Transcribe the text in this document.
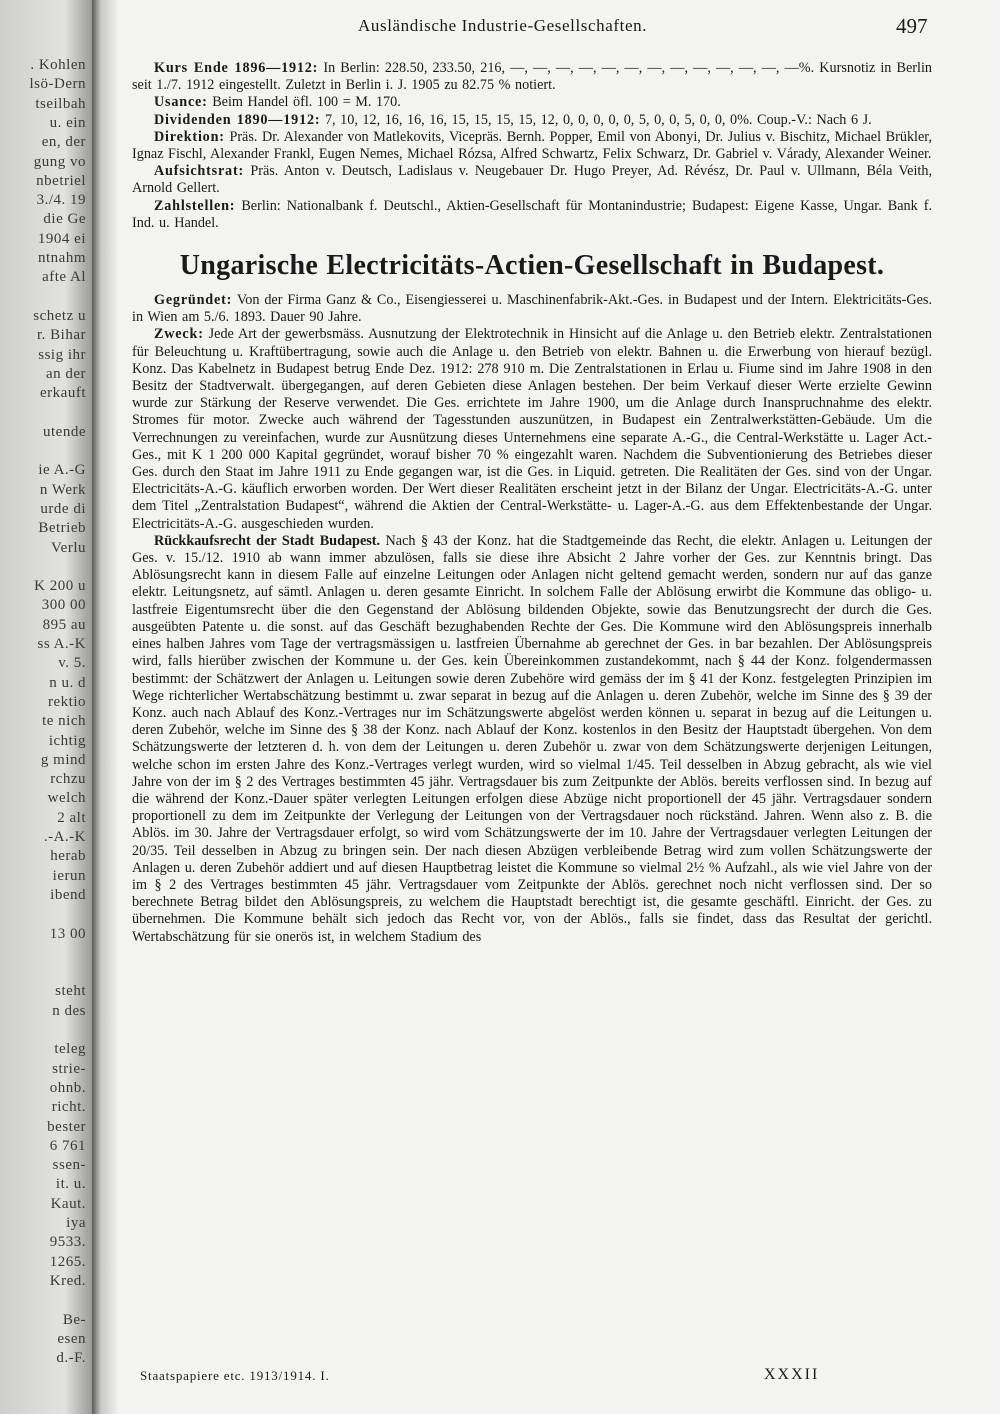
. Kohlen
lsö-Dern
tseilbah
u. ein
en, der
gung vo
nbetriel
3./4. 19
die Ge
1904 ei
ntnahm
afte Al
schetz u
r. Bihar
ssig ihr
an der
erkauft
utende
ie A.-G
n Werk
urde di
Betrieb
Verlu
K 200 u
300 00
895 au
ss A.-K
v. 5.
n u. d
rektio
te nich
ichtig
g mind
rchzu
welch
2 alt
.-A.-K
herab
ierun
ibend
13 00
steht
n des
teleg
strie-
ohnb.
richt.
bester
6 761
ssen-
it. u.
Kaut.
iya
9533.
1265.
Kred.
Be-
esen
d.-F.
Ausländische Industrie-Gesellschaften.	497

Kurs Ende 1896—1912: In Berlin: 228.50, 233.50, 216, —, —, —, —, —, —, —, —, —, —, —, —, —%. Kursnotiz in Berlin seit 1./7. 1912 eingestellt. Zuletzt in Berlin i. J. 1905 zu 82.75 % notiert.

Usance: Beim Handel öfl. 100 = M. 170.

Dividenden 1890—1912: 7, 10, 12, 16, 16, 16, 15, 15, 15, 15, 12, 0, 0, 0, 0, 0, 5, 0, 0, 5, 0, 0, 0%. Coup.-V.: Nach 6 J.

Direktion: Präs. Dr. Alexander von Matlekovits, Vicepräs. Bernh. Popper, Emil von Abonyi, Dr. Julius v. Bischitz, Michael Brükler, Ignaz Fischl, Alexander Frankl, Eugen Nemes, Michael Rózsa, Alfred Schwartz, Felix Schwarz, Dr. Gabriel v. Várady, Alexander Weiner.

Aufsichtsrat: Präs. Anton v. Deutsch, Ladislaus v. Neugebauer Dr. Hugo Preyer, Ad. Révész, Dr. Paul v. Ullmann, Béla Veith, Arnold Gellert.

Zahlstellen: Berlin: Nationalbank f. Deutschl., Aktien-Gesellschaft für Montanindustrie; Budapest: Eigene Kasse, Ungar. Bank f. Ind. u. Handel.

Ungarische Electricitäts-Actien-Gesellschaft in Budapest.

Gegründet: Von der Firma Ganz & Co., Eisengiesserei u. Maschinenfabrik-Akt.-Ges. in Budapest und der Intern. Elektricitäts-Ges. in Wien am 5./6. 1893. Dauer 90 Jahre.

Zweck: Jede Art der gewerbsmäss. Ausnutzung der Elektrotechnik in Hinsicht auf die Anlage u. den Betrieb elektr. Zentralstationen für Beleuchtung u. Kraftübertragung, sowie auch die Anlage u. den Betrieb von elektr. Bahnen u. die Erwerbung von hierauf bezügl. Konz. Das Kabelnetz in Budapest betrug Ende Dez. 1912: 278 910 m. Die Zentralstationen in Erlau u. Fiume sind im Jahre 1908 in den Besitz der Stadtverwalt. übergegangen, auf deren Gebieten diese Anlagen bestehen. Der beim Verkauf dieser Werte erzielte Gewinn wurde zur Stärkung der Reserve verwendet. Die Ges. errichtete im Jahre 1900, um die Anlage durch Inanspruchnahme des elektr. Stromes für motor. Zwecke auch während der Tagesstunden auszunützen, in Budapest ein Zentralwerkstätten-Gebäude. Um die Verrechnungen zu vereinfachen, wurde zur Ausnützung dieses Unternehmens eine separate A.-G., die Central-Werkstätte u. Lager Act.-Ges., mit K 1 200 000 Kapital gegründet, worauf bisher 70 % eingezahlt waren. Nachdem die Subventionierung des Betriebes dieser Ges. durch den Staat im Jahre 1911 zu Ende gegangen war, ist die Ges. in Liquid. getreten. Die Realitäten der Ges. sind von der Ungar. Electricitäts-A.-G. käuflich erworben worden. Der Wert dieser Realitäten erscheint jetzt in der Bilanz der Ungar. Electricitäts-A.-G. unter dem Titel „Zentralstation Budapest“, während die Aktien der Central-Werkstätte- u. Lager-A.-G. aus dem Effektenbestande der Ungar. Electricitäts-A.-G. ausgeschieden wurden.

Rückkaufsrecht der Stadt Budapest. Nach § 43 der Konz. hat die Stadtgemeinde das Recht, die elektr. Anlagen u. Leitungen der Ges. v. 15./12. 1910 ab wann immer abzulösen, falls sie diese ihre Absicht 2 Jahre vorher der Ges. zur Kenntnis bringt. Das Ablösungsrecht kann in diesem Falle auf einzelne Leitungen oder Anlagen nicht geltend gemacht werden, sondern nur auf das ganze elektr. Leitungsnetz, auf sämtl. Anlagen u. deren gesamte Einricht. In solchem Falle der Ablösung erwirbt die Kommune das obligo- u. lastfreie Eigentumsrecht über die den Gegenstand der Ablösung bildenden Objekte, sowie das Benutzungsrecht der durch die Ges. ausgeübten Patente u. die sonst. auf das Geschäft bezughabenden Rechte der Ges. Die Kommune wird den Ablösungspreis innerhalb eines halben Jahres vom Tage der vertragsmässigen u. lastfreien Übernahme ab gerechnet der Ges. in bar bezahlen. Der Ablösungspreis wird, falls hierüber zwischen der Kommune u. der Ges. kein Übereinkommen zustandekommt, nach § 44 der Konz. folgendermassen bestimmt: der Schätzwert der Anlagen u. Leitungen sowie deren Zubehöre wird gemäss der im § 41 der Konz. festgelegten Prinzipien im Wege richterlicher Wertabschätzung bestimmt u. zwar separat in bezug auf die Anlagen u. deren Zubehör, welche im Sinne des § 39 der Konz. auch nach Ablauf des Konz.-Vertrages nur im Schätzungswerte abgelöst werden können u. separat in bezug auf die Leitungen u. deren Zubehör, welche im Sinne des § 38 der Konz. nach Ablauf der Konz. kostenlos in den Besitz der Hauptstadt übergehen. Von dem Schätzungswerte der letzteren d. h. von dem der Leitungen u. deren Zubehör u. zwar von dem Schätzungswerte derjenigen Leitungen, welche schon im ersten Jahre des Konz.-Vertrages verlegt wurden, wird so vielmal 1/45. Teil desselben in Abzug gebracht, als wie viel Jahre von der im § 2 des Vertrages bestimmten 45 jähr. Vertragsdauer bis zum Zeitpunkte der Ablös. bereits verflossen sind. In bezug auf die während der Konz.-Dauer später verlegten Leitungen erfolgen diese Abzüge nicht proportionell der 45 jähr. Vertragsdauer sondern proportionell zu dem im Zeitpunkte der Verlegung der Leitungen von der Vertragsdauer noch rückständ. Jahren. Wenn also z. B. die Ablös. im 30. Jahre der Vertragsdauer erfolgt, so wird vom Schätzungswerte der im 10. Jahre der Vertragsdauer verlegten Leitungen der 20/35. Teil desselben in Abzug zu bringen sein. Der nach diesen Abzügen verbleibende Betrag wird zum vollen Schätzungswerte der Anlagen u. deren Zubehör addiert und auf diesen Hauptbetrag leistet die Kommune so vielmal 2½ % Aufzahl., als wie viel Jahre von der im § 2 des Vertrages bestimmten 45 jähr. Vertragsdauer vom Zeitpunkte der Ablös. gerechnet noch nicht verflossen sind. Der so berechnete Betrag bildet den Ablösungspreis, zu welchem die Hauptstadt berechtigt ist, die gesamte geschäftl. Einricht. der Ges. zu übernehmen. Die Kommune behält sich jedoch das Recht vor, von der Ablös., falls sie findet, dass das Resultat der gerichtl. Wertabschätzung für sie onerös ist, in welchem Stadium des

Staatspapiere etc. 1913/1914. I.	XXXII
